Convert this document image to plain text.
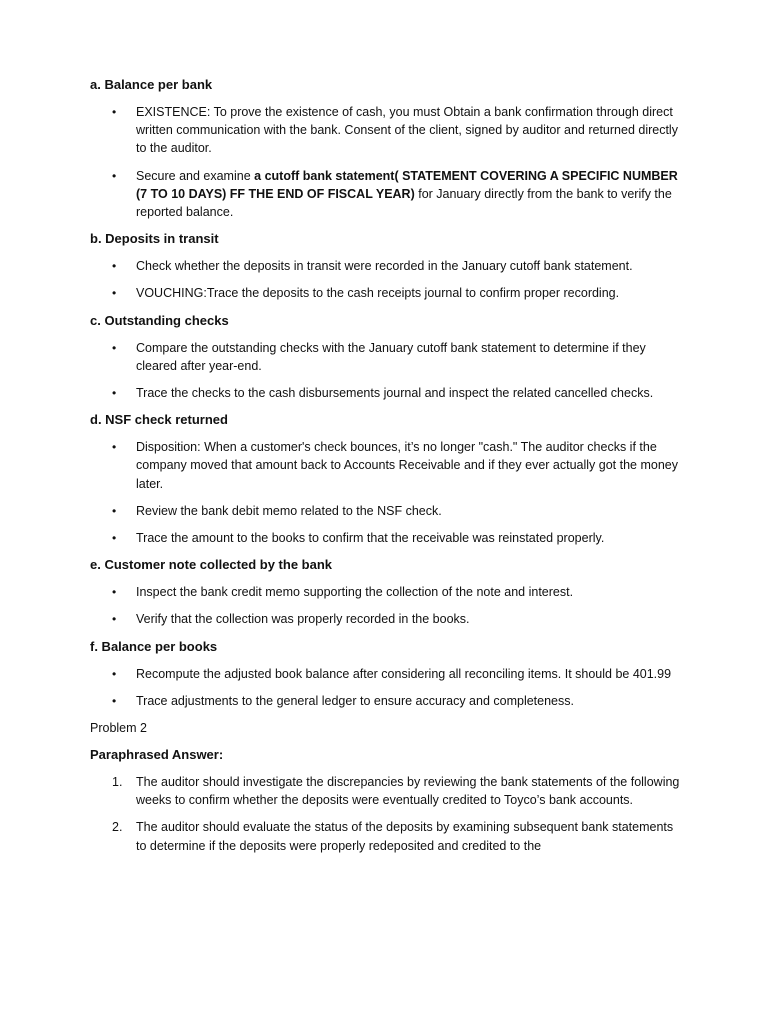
a. Balance per bank
• EXISTENCE: To prove the existence of cash, you must Obtain a bank confirmation through direct written communication with the bank. Consent of the client, signed by auditor and returned directly to the auditor.
• Secure and examine a cutoff bank statement( STATEMENT COVERING A SPECIFIC NUMBER (7 TO 10 DAYS) FF THE END OF FISCAL YEAR) for January directly from the bank to verify the reported balance.
b. Deposits in transit
• Check whether the deposits in transit were recorded in the January cutoff bank statement.
• VOUCHING:Trace the deposits to the cash receipts journal to confirm proper recording.
c. Outstanding checks
• Compare the outstanding checks with the January cutoff bank statement to determine if they cleared after year-end.
• Trace the checks to the cash disbursements journal and inspect the related cancelled checks.
d. NSF check returned
• Disposition: When a customer's check bounces, it’s no longer "cash." The auditor checks if the company moved that amount back to Accounts Receivable and if they ever actually got the money later.
• Review the bank debit memo related to the NSF check.
• Trace the amount to the books to confirm that the receivable was reinstated properly.
e. Customer note collected by the bank
• Inspect the bank credit memo supporting the collection of the note and interest.
• Verify that the collection was properly recorded in the books.
f. Balance per books
• Recompute the adjusted book balance after considering all reconciling items. It should be 401.99
• Trace adjustments to the general ledger to ensure accuracy and completeness.
Problem 2
Paraphrased Answer:
1. The auditor should investigate the discrepancies by reviewing the bank statements of the following weeks to confirm whether the deposits were eventually credited to Toyco’s bank accounts.
2. The auditor should evaluate the status of the deposits by examining subsequent bank statements to determine if the deposits were properly redeposited and credited to the
